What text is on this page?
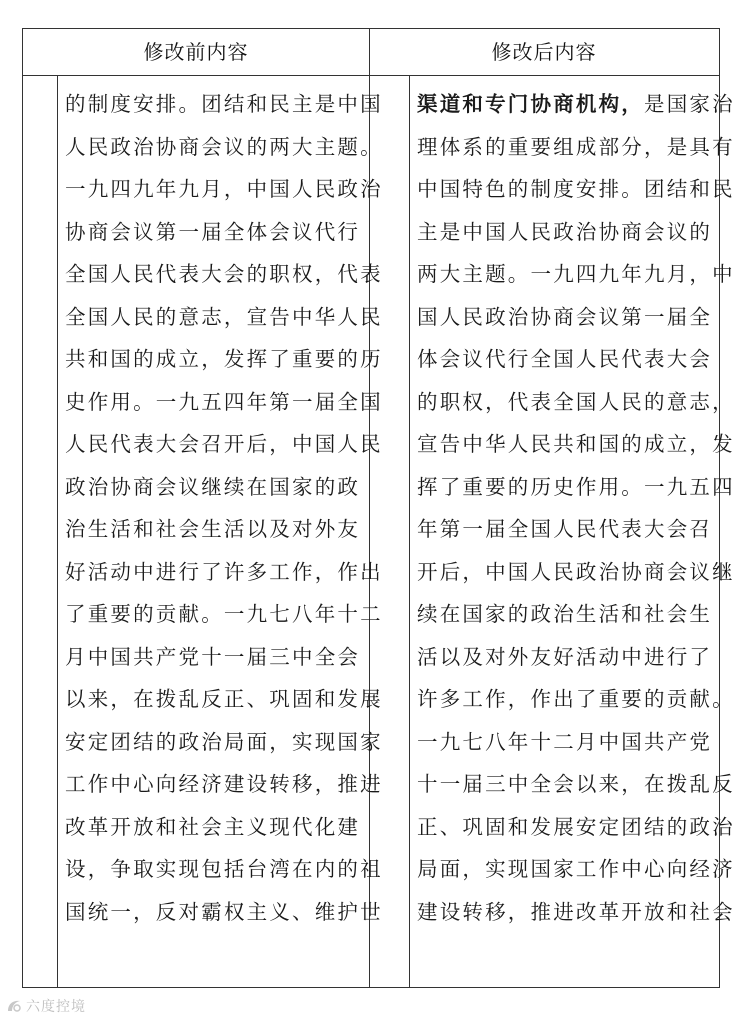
修改前内容	修改后内容
的制度安排。团结和民主是中国
人民政治协商会议的两大主题。
一九四九年九月，中国人民政治
协商会议第一届全体会议代行
全国人民代表大会的职权，代表
全国人民的意志，宣告中华人民
共和国的成立，发挥了重要的历
史作用。一九五四年第一届全国
人民代表大会召开后，中国人民
政治协商会议继续在国家的政
治生活和社会生活以及对外友
好活动中进行了许多工作，作出
了重要的贡献。一九七八年十二
月中国共产党十一届三中全会
以来，在拨乱反正、巩固和发展
安定团结的政治局面，实现国家
工作中心向经济建设转移，推进
改革开放和社会主义现代化建
设，争取实现包括台湾在内的祖
国统一，反对霸权主义、维护世
渠道和专门协商机构，是国家治
理体系的重要组成部分，是具有
中国特色的制度安排。团结和民
主是中国人民政治协商会议的
两大主题。一九四九年九月，中
国人民政治协商会议第一届全
体会议代行全国人民代表大会
的职权，代表全国人民的意志，
宣告中华人民共和国的成立，发
挥了重要的历史作用。一九五四
年第一届全国人民代表大会召
开后，中国人民政治协商会议继
续在国家的政治生活和社会生
活以及对外友好活动中进行了
许多工作，作出了重要的贡献。
一九七八年十二月中国共产党
十一届三中全会以来，在拨乱反
正、巩固和发展安定团结的政治
局面，实现国家工作中心向经济
建设转移，推进改革开放和社会
六度控境
